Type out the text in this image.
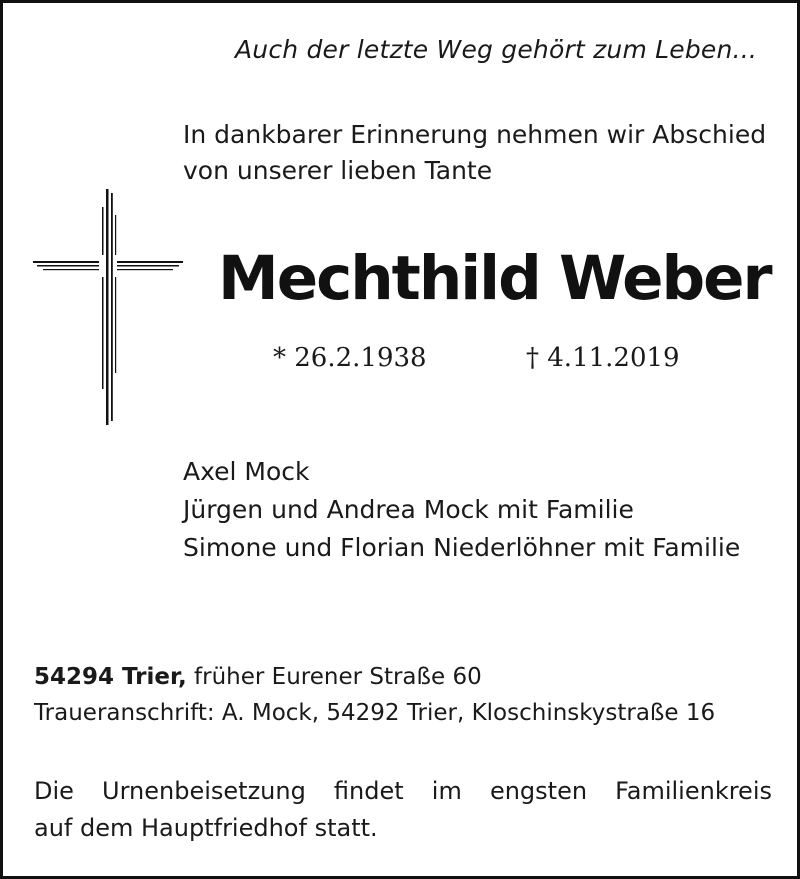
Auch der letzte Weg gehört zum Leben...
In dankbarer Erinnerung nehmen wir Abschied
von unserer lieben Tante
Mechthild Weber
* 26.2.1938	† 4.11.2019
Axel Mock
Jürgen und Andrea Mock mit Familie
Simone und Florian Niederlöhner mit Familie
54294 Trier, früher Eurener Straße 60
Traueranschrift: A. Mock, 54292 Trier, Kloschinskystraße 16
Die Urnenbeisetzung findet im engsten Familienkreis
auf dem Hauptfriedhof statt.
